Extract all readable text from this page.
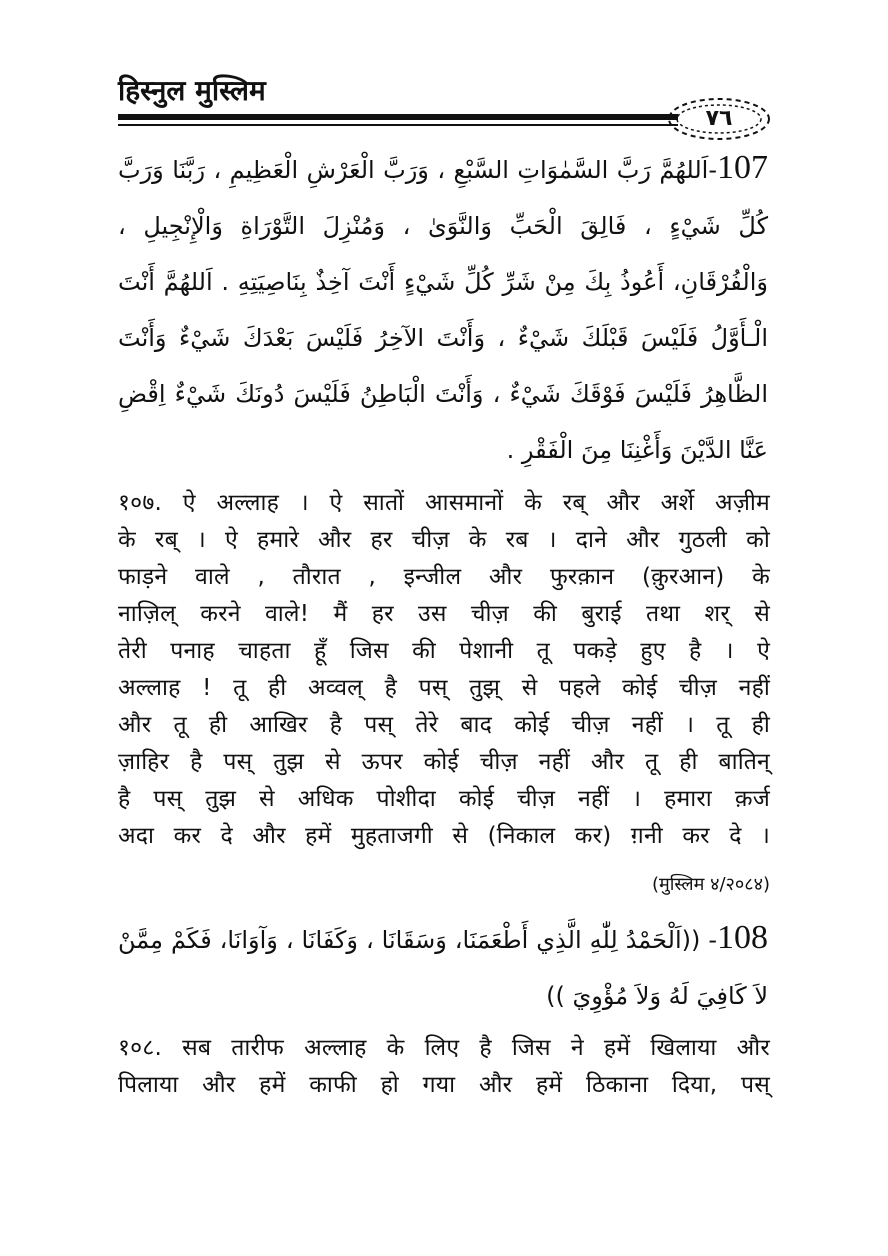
हिस्नुल मुस्लिम
٧٦
107-اَللهُمَّ رَبَّ السَّمٰوَاتِ السَّبْعِ ، وَرَبَّ الْعَرْشِ الْعَظِيمِ ، رَبَّنَا وَرَبَّ كُلِّ شَيْءٍ ، فَالِقَ الْحَبِّ وَالنَّوَىٰ ، وَمُنْزِلَ التَّوْرَاةِ وَالْإِنْجِيلِ ، وَالْفُرْقَانِ، أَعُوذُ بِكَ مِنْ شَرِّ كُلِّ شَيْءٍ أَنْتَ آخِذٌ بِنَاصِيَتِهِ . اَللهُمَّ أَنْتَ الْـأَوَّلُ فَلَيْسَ قَبْلَكَ شَيْءٌ ، وَأَنْتَ الآخِرُ فَلَيْسَ بَعْدَكَ شَيْءٌ وَأَنْتَ الظَّاهِرُ فَلَيْسَ فَوْقَكَ شَيْءٌ ، وَأَنْتَ الْبَاطِنُ فَلَيْسَ دُونَكَ شَيْءٌ اِقْضِ عَنَّا الدَّيْنَ وَأَغْنِنَا مِنَ الْفَقْرِ .
१०७. ऐ अल्लाह । ऐ सातों आसमानों के रब् और अर्शे अज़ीम
के रब् । ऐ हमारे और हर चीज़ के रब । दाने और गुठली को
फाड़ने वाले , तौरात , इन्जील और फुरक़ान (क़ुरआन) के
नाज़िल् करने वाले! मैं हर उस चीज़ की बुराई तथा शर् से
तेरी पनाह चाहता हूँ जिस की पेशानी तू पकड़े हुए है । ऐ
अल्लाह ! तू ही अव्वल् है पस् तुझ् से पहले कोई चीज़ नहीं
और तू ही आखिर है पस् तेरे बाद कोई चीज़ नहीं । तू ही
ज़ाहिर है पस् तुझ से ऊपर कोई चीज़ नहीं और तू ही बातिन्
है पस् तुझ से अधिक पोशीदा कोई चीज़ नहीं । हमारा क़र्ज
अदा कर दे और हमें मुहताजगी से (निकाल कर) ग़नी कर दे ।
(मुस्लिम ४/२०८४)
108- ((اَلْحَمْدُ لِلّٰهِ الَّذِي أَطْعَمَنَا، وَسَقَانَا ، وَكَفَانَا ، وَآوَانَا، فَكَمْ مِمَّنْ لاَ كَافِيَ لَهُ وَلاَ مُؤْوِيَ ))
१०८. सब तारीफ अल्लाह के लिए है जिस ने हमें खिलाया और
पिलाया और हमें काफी हो गया और हमें ठिकाना दिया, पस्
